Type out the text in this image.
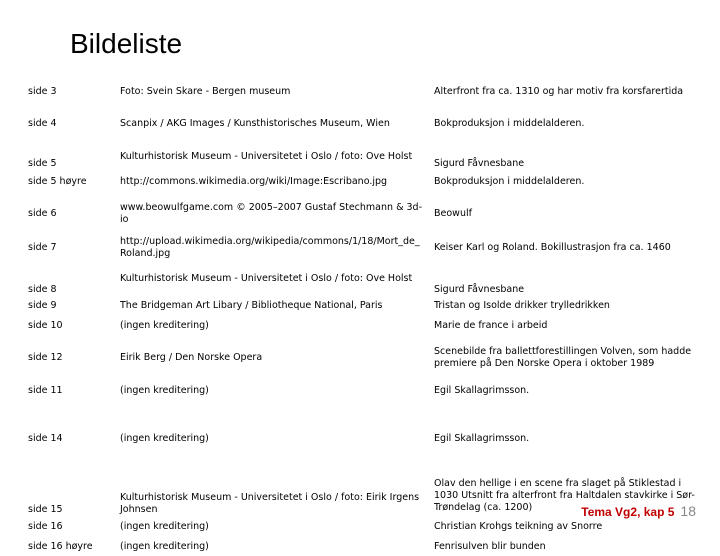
Bildeliste
side 3	Foto: Svein Skare - Bergen museum	Alterfront fra ca. 1310 og har motiv fra korsfarertida
side 4	Scanpix / AKG Images / Kunsthistorisches Museum, Wien	Bokproduksjon i middelalderen.
side 5	Kulturhistorisk Museum - Universitetet i Oslo / foto: Ove Holst	Sigurd Fåvnesbane
side 5 høyre	http://commons.wikimedia.org/wiki/Image:Escribano.jpg	Bokproduksjon i middelalderen.
side 6	www.beowulfgame.com © 2005–2007 Gustaf Stechmann & 3d-io	Beowulf
side 7	http://upload.wikimedia.org/wikipedia/commons/1/18/Mort_de_Roland.jpg	Keiser Karl og Roland. Bokillustrasjon fra ca. 1460
side 8	Kulturhistorisk Museum - Universitetet i Oslo / foto: Ove Holst	Sigurd Fåvnesbane
side 9	The Bridgeman Art Libary / Bibliotheque National, Paris	Tristan og Isolde drikker trylledrikken
side 10	(ingen kreditering)	Marie de france i arbeid
side 12	Eirik Berg / Den Norske Opera	Scenebilde fra ballettforestillingen Volven, som hadde premiere på Den Norske Opera i oktober 1989
side 11	(ingen kreditering)	Egil Skallagrimsson.
side 14	(ingen kreditering)	Egil Skallagrimsson.
side 15	Kulturhistorisk Museum - Universitetet i Oslo / foto: Eirik Irgens Johnsen	Olav den hellige i en scene fra slaget på Stiklestad i 1030 Utsnitt fra alterfront fra Haltdalen stavkirke i Sør-Trøndelag (ca. 1200)
side 16	(ingen kreditering)	Christian Krohgs teikning av Snorre
side 16 høyre	(ingen kreditering)	Fenrisulven blir bunden
Tema Vg2, kap 5 18
